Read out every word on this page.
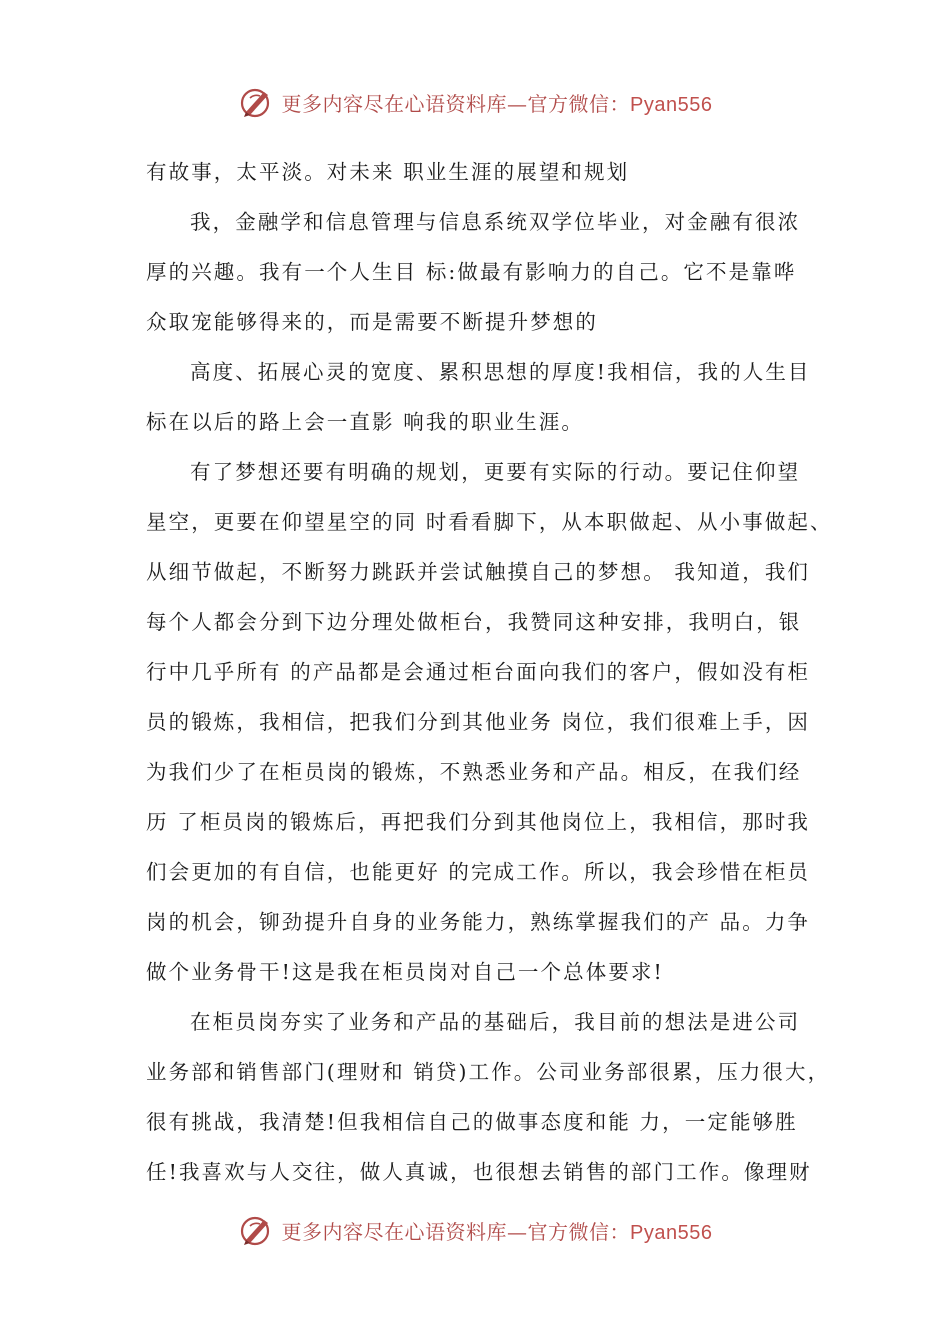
更多内容尽在心语资料库—官方微信：Pyan556
有故事，太平淡。对未来 职业生涯的展望和规划
我，金融学和信息管理与信息系统双学位毕业，对金融有很浓
厚的兴趣。我有一个人生目 标:做最有影响力的自己。它不是靠哗
众取宠能够得来的，而是需要不断提升梦想的
高度、拓展心灵的宽度、累积思想的厚度!我相信，我的人生目
标在以后的路上会一直影 响我的职业生涯。
有了梦想还要有明确的规划，更要有实际的行动。要记住仰望
星空，更要在仰望星空的同 时看看脚下，从本职做起、从小事做起、
从细节做起，不断努力跳跃并尝试触摸自己的梦想。 我知道，我们
每个人都会分到下边分理处做柜台，我赞同这种安排，我明白，银
行中几乎所有 的产品都是会通过柜台面向我们的客户，假如没有柜
员的锻炼，我相信，把我们分到其他业务 岗位，我们很难上手，因
为我们少了在柜员岗的锻炼，不熟悉业务和产品。相反，在我们经
历 了柜员岗的锻炼后，再把我们分到其他岗位上，我相信，那时我
们会更加的有自信，也能更好 的完成工作。所以，我会珍惜在柜员
岗的机会，铆劲提升自身的业务能力，熟练掌握我们的产 品。力争
做个业务骨干!这是我在柜员岗对自己一个总体要求!
在柜员岗夯实了业务和产品的基础后，我目前的想法是进公司
业务部和销售部门(理财和 销贷)工作。公司业务部很累，压力很大，
很有挑战，我清楚!但我相信自己的做事态度和能 力，一定能够胜
任!我喜欢与人交往，做人真诚，也很想去销售的部门工作。像理财
更多内容尽在心语资料库—官方微信：Pyan556
